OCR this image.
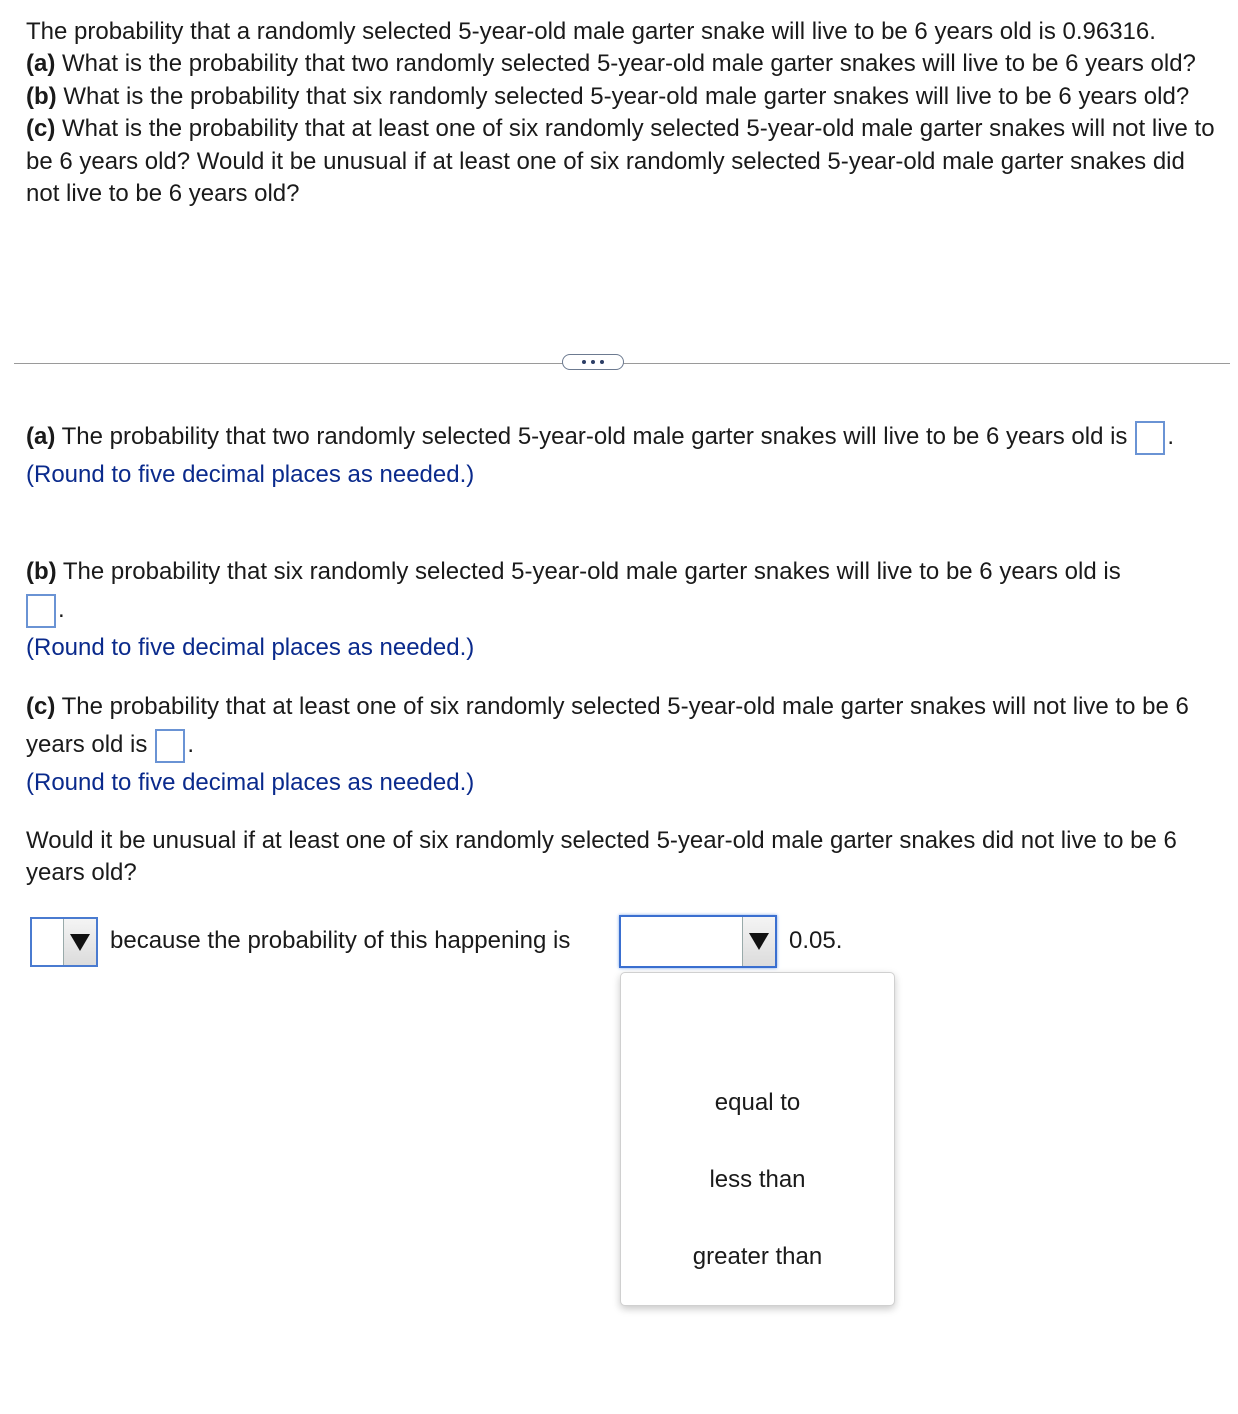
The probability that a randomly selected 5-year-old male garter snake will live to be 6 years old is 0.96316.

(a) What is the probability that two randomly selected 5-year-old male garter snakes will live to be 6 years old?

(b) What is the probability that six randomly selected 5-year-old male garter snakes will live to be 6 years old?

(c) What is the probability that at least one of six randomly selected 5-year-old male garter snakes will not live to be 6 years old? Would it be unusual if at least one of six randomly selected 5-year-old male garter snakes did not live to be 6 years old?

(a) The probability that two randomly selected 5-year-old male garter snakes will live to be 6 years old is .

(Round to five decimal places as needed.)

(b) The probability that six randomly selected 5-year-old male garter snakes will live to be 6 years old is

.

(Round to five decimal places as needed.)

(c) The probability that at least one of six randomly selected 5-year-old male garter snakes will not live to be 6 years old is .

(Round to five decimal places as needed.)

Would it be unusual if at least one of six randomly selected 5-year-old male garter snakes did not live to be 6 years old?

because the probability of this happening is	0.05.
equal to
less than
greater than
